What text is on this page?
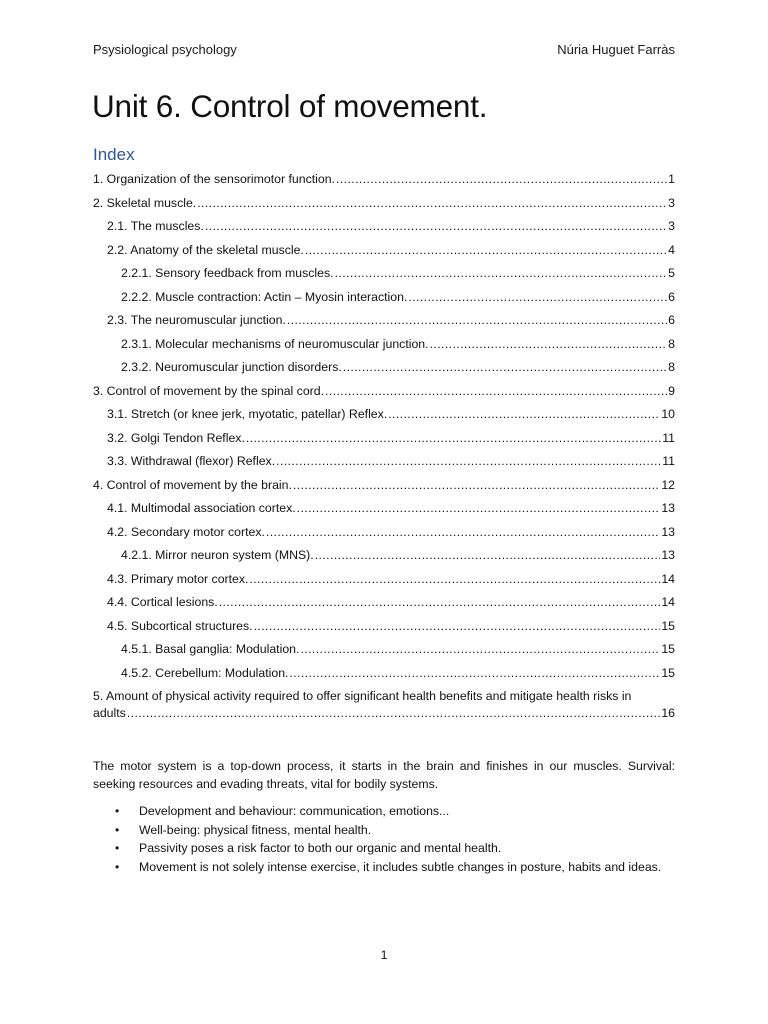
Psysiological psychology	Núria Huguet Farràs
Unit 6. Control of movement.
Index
1. Organization of the sensorimotor function. .....	1
2. Skeletal muscle. .....	3
2.1. The muscles. .....	3
2.2. Anatomy of the skeletal muscle. .....	4
2.2.1. Sensory feedback from muscles. .....	5
2.2.2. Muscle contraction: Actin – Myosin interaction. .....	6
2.3. The neuromuscular junction. .....	6
2.3.1. Molecular mechanisms of neuromuscular junction. .....	8
2.3.2. Neuromuscular junction disorders. .....	8
3. Control of movement by the spinal cord. .....	9
3.1. Stretch (or knee jerk, myotatic, patellar) Reflex. .....	10
3.2. Golgi Tendon Reflex. .....	11
3.3. Withdrawal (flexor) Reflex. .....	11
4. Control of movement by the brain. .....	12
4.1. Multimodal association cortex. .....	13
4.2. Secondary motor cortex. .....	13
4.2.1. Mirror neuron system (MNS). .....	13
4.3. Primary motor cortex. .....	14
4.4. Cortical lesions. .....	14
4.5. Subcortical structures. .....	15
4.5.1. Basal ganglia: Modulation. .....	15
4.5.2. Cerebellum: Modulation. .....	15
5. Amount of physical activity required to offer significant health benefits and mitigate health risks in
adults .....	16

The motor system is a top-down process, it starts in the brain and finishes in our muscles. Survival: seeking resources and evading threats, vital for bodily systems.

• Development and behaviour: communication, emotions...
• Well-being: physical fitness, mental health.
• Passivity poses a risk factor to both our organic and mental health.
• Movement is not solely intense exercise, it includes subtle changes in posture, habits and ideas.
1
